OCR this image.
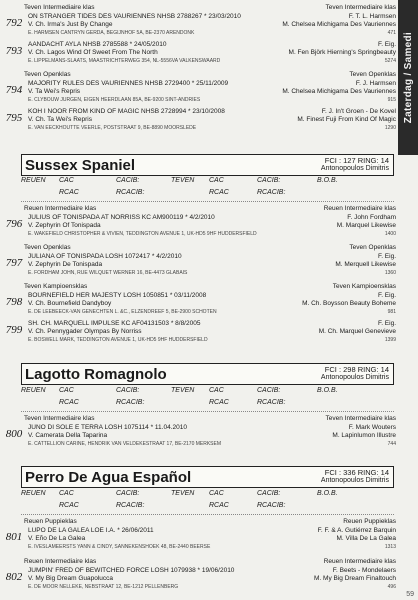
Teven Intermediaire klas	Teven Intermediaire klas
792
ON STRANGER TIDES DES VAURIENNES NHSB 2788267 * 23/03/2010	F. T. L. Harmsen
V. Ch. Irma's Just By Change	M. Chelsea Michigama Des Vauriennes
E. HARMSEN CANTRYN GERDA, BEGIJNHOF 5A, BE-2370 ARENDONK	471
793
AANDACHT AYLA NHSB 2785588 * 24/05/2010	F. Eig.
V. Ch. Lagos Wind Of Sweet From The North	M. Fen Björk Hierning's Springbeauty
E. LIPPELMANS-SLAATS, MAASTRICHTERWEG 354, NL-5556VA VALKENSWAARD	5274
Teven Openklas	Teven Openklas
794
MAJORITY RULES DES VAURIENNES NHSB 2729400 * 25/11/2009	F. J. Harmsen
V. Ta Wei's Repris	M. Chelsea Michigama Des Vauriennes
E. CLYBOUW JURGEN, EIGEN HEERDLAAN 85A, BE-9200 SINT-ANDRIES	915
795
KOH I NOOR FROM KIND OF MAGIC NHSB 2728994 * 23/10/2008	F. J. In't Groen - De Kovel
V. Ch. Ta Wei's Repris	M. Finest Fuji From Kind Of Magic
E. VAN EECKHOUTTE VEERLE, POSTSTRAAT 9, BE-8890 MOORSLEDE	1290
Sussex Spaniel	FCI : 127 RING: 14
Antonopoulos Dimitris
REUEN CAC	CACIB:	TEVEN CAC	CACIB:	B.O.B.
RCAC	RCACIB:	RCAC	RCACIB:
Reuen Intermediaire klas	Reuen Intermediaire klas
796
JULIUS OF TONISPADA AT NORRISS KC AM900119 * 4/2/2010	F. John Fordham
V. Zephyrin Of Tonispada	M. Marquel Likewise
E. WAKEFIELD CHRISTOPHER & VIVIEN, TEDDINGTON AVENUE 1, UK-HD5 9HF HUDDERSFIELD	1400
Teven Openklas	Teven Openklas
797
JULIANA OF TONISPADA LOSH 1072417 * 4/2/2010	F. Eig.
V. Zephyrin De Tonispada	M. Merquell Likewise
E. FORDHAM JOHN, RUE WILQUET WERNER 16, BE-4473 GLABAIS	1360
Teven Kampioensklas	Teven Kampioensklas
798
BOURNEFIELD HER MAJESTY LOSH 1050851 * 03/11/2008	F. Eig.
V. Ch. Bournefield Dandyboy	M. Ch. Boysson Beauty Boheme
E. DE LEEBEECK-VAN GENECHTEN L. &C., ELZENDREEF 5, BE-2900 SCHOTEN	981
799
SH. CH. MARQUELL IMPULSE KC AF04131503 * 8/8/2005	F. Eig.
V. Ch. Pennygader Olympas By Norriss	M. Ch. Marquel Genevieve
E. BOSWELL MARK, TEDDINGTON AVENUE 1, UK-HD5 9HF HUDDERSFIELD	1399
Lagotto Romagnolo	FCI : 298 RING: 14
Antonopoulos Dimitris
REUEN CAC	CACIB:	TEVEN CAC	CACIB:	B.O.B.
RCAC	RCACIB:	RCAC	RCACIB:
Teven Intermediaire klas	Teven Intermediaire klas
800
JUNO DI SOLE E TERRA LOSH 1075114 * 11.04.2010	F. Mark Wouters
V. Camerata Della Taparina	M. Lapinlumon Illustre
E. CATTELLION CARINE, HENDRIK VAN VELDEKESTRAAT 17, BE-2170 MERKSEM	744
Perro De Agua Español	FCI : 336 RING: 14
Antonopoulos Dimitris
REUEN CAC	CACIB:	TEVEN CAC	CACIB:	B.O.B.
RCAC	RCACIB:	RCAC	RCACIB:
Reuen Puppieklas	Reuen Puppieklas
801
LUPO DE LA GALEA LOE I.A. * 26/06/2011	F. F. & A. Gutiérrez Barquin
V. Eño De La Galea	M. Villa De La Galea
E. IVESLAMEERSTS YANN & CINDY, SANNEKENSHOEK 48, BE-2440 BEERSE	1313
Reuen Intermediaire klas	Reuen Intermediaire klas
802
JUMPIN' FRED OF BEWITCHED FORCE LOSH 1079938 * 19/06/2010	F. Beets - Mondelaers
V. My Big Dream Guapolucca	M. My Big Dream Finaltouch
E. DE MOOR NELLEKE, NEBSTRAAT 12, BE-1212 PELLENBERG	496
Zaterdag / Samedi
59
